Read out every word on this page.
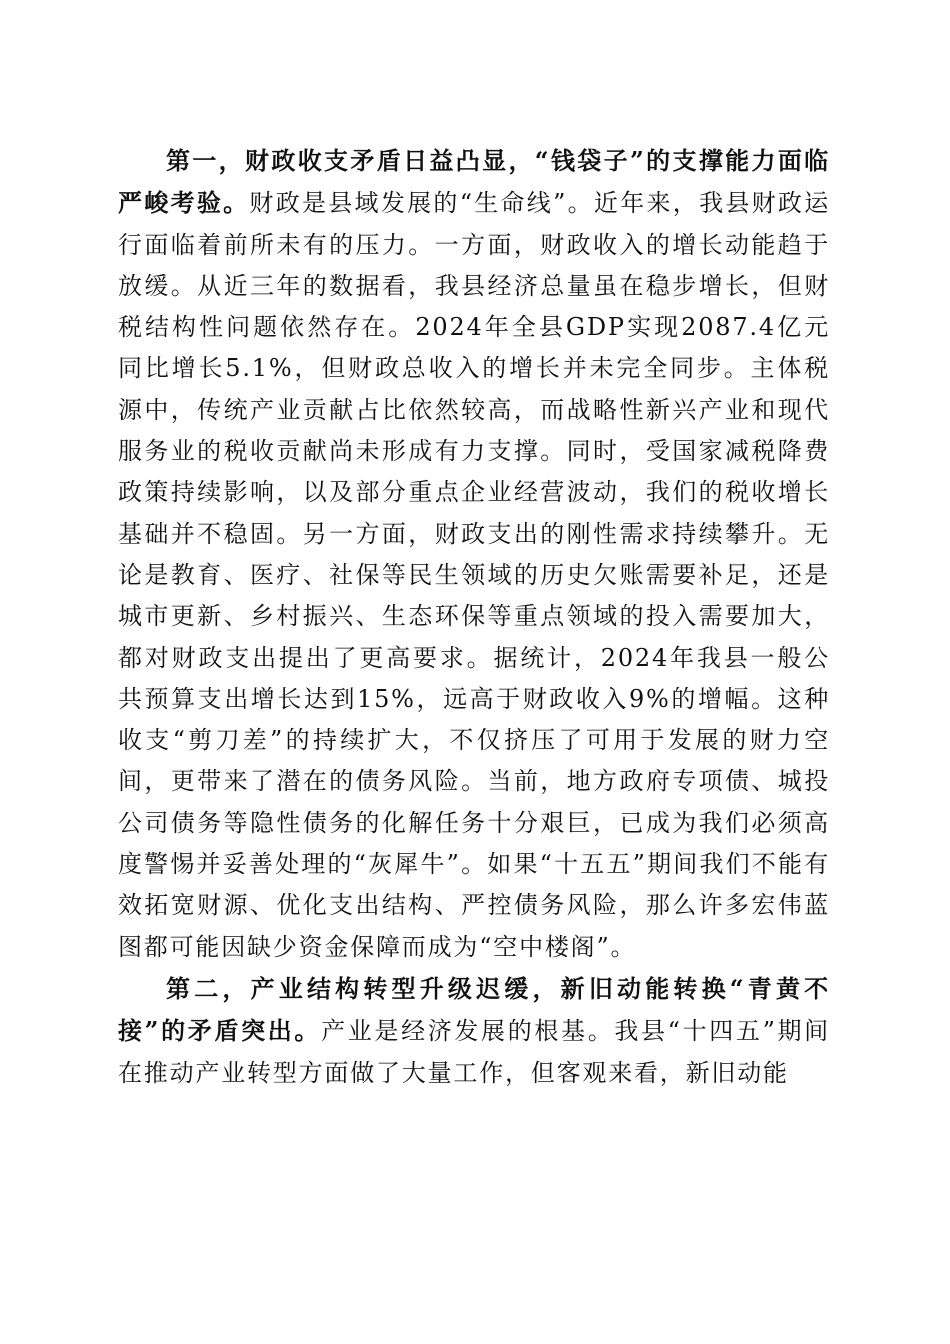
第一，财政收支矛盾日益凸显，“钱袋子”的支撑能力面临严峻考验。财政是县域发展的“生命线”。近年来，我县财政运行面临着前所未有的压力。一方面，财政收入的增长动能趋于放缓。从近三年的数据看，我县经济总量虽在稳步增长，但财税结构性问题依然存在。2024年全县GDP实现2087.4亿元同比增长5.1%，但财政总收入的增长并未完全同步。主体税源中，传统产业贡献占比依然较高，而战略性新兴产业和现代服务业的税收贡献尚未形成有力支撑。同时，受国家减税降费政策持续影响，以及部分重点企业经营波动，我们的税收增长基础并不稳固。另一方面，财政支出的刚性需求持续攀升。无论是教育、医疗、社保等民生领域的历史欠账需要补足，还是城市更新、乡村振兴、生态环保等重点领域的投入需要加大，都对财政支出提出了更高要求。据统计，2024年我县一般公共预算支出增长达到15%，远高于财政收入9%的增幅。这种收支“剪刀差”的持续扩大，不仅挤压了可用于发展的财力空间，更带来了潜在的债务风险。当前，地方政府专项债、城投公司债务等隐性债务的化解任务十分艰巨，已成为我们必须高度警惕并妥善处理的“灰犀牛”。如果“十五五”期间我们不能有效拓宽财源、优化支出结构、严控债务风险，那么许多宏伟蓝图都可能因缺少资金保障而成为“空中楼阁”。

第二，产业结构转型升级迟缓，新旧动能转换“青黄不接”的矛盾突出。产业是经济发展的根基。我县“十四五”期间在推动产业转型方面做了大量工作，但客观来看，新旧动能
